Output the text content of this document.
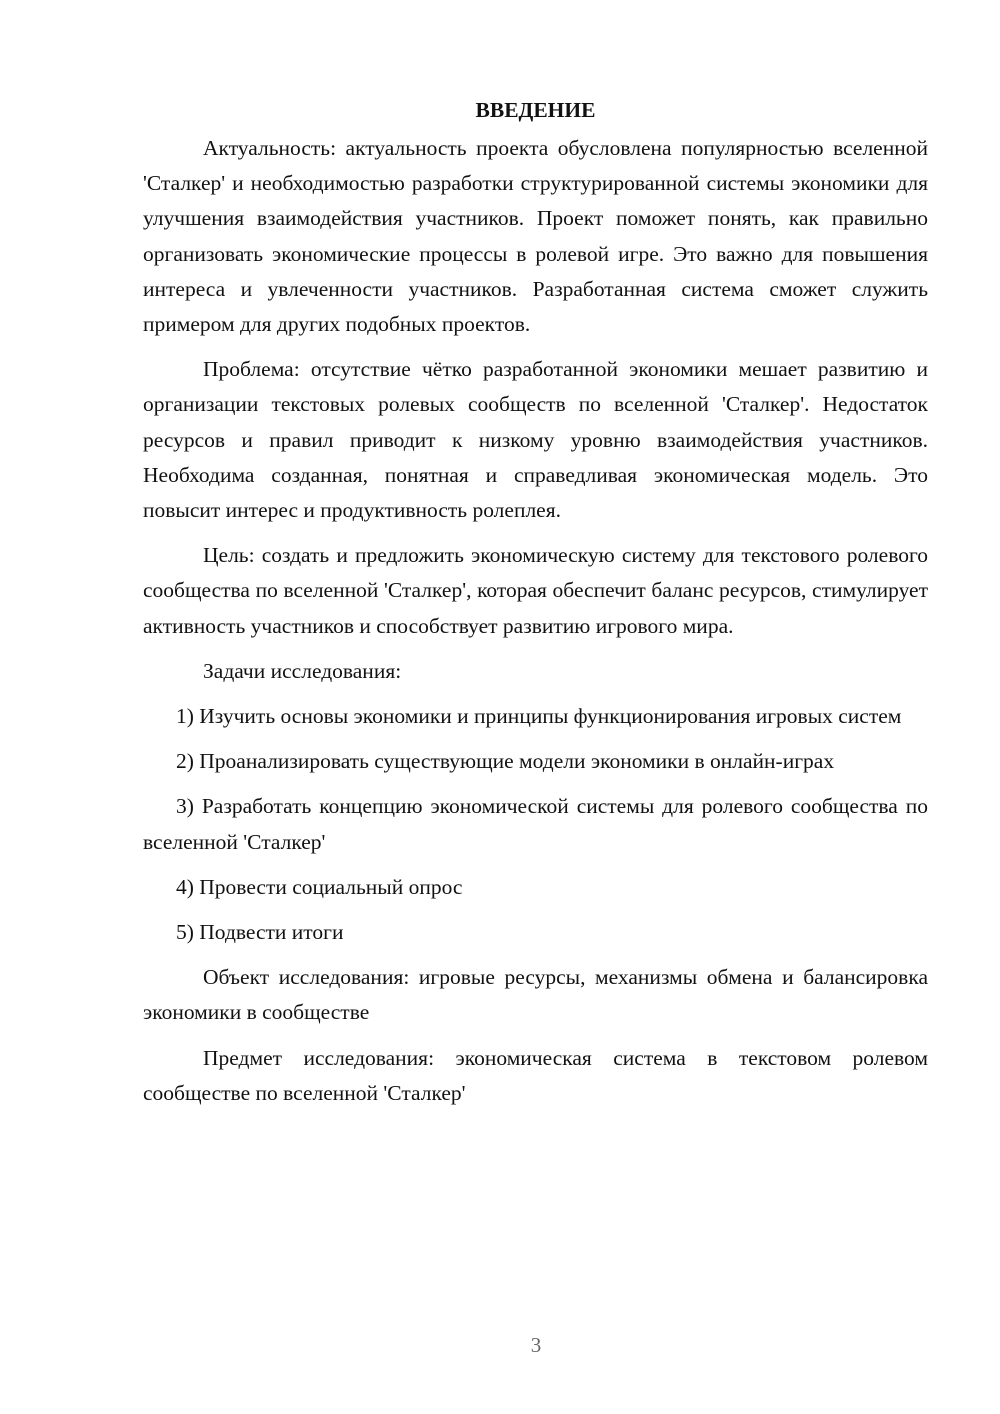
ВВЕДЕНИЕ

Актуальность: актуальность проекта обусловлена популярностью вселенной 'Сталкер' и необходимостью разработки структурированной системы экономики для улучшения взаимодействия участников. Проект поможет понять, как правильно организовать экономические процессы в ролевой игре. Это важно для повышения интереса и увлеченности участников. Разработанная система сможет служить примером для других подобных проектов.

Проблема: отсутствие чётко разработанной экономики мешает развитию и организации текстовых ролевых сообществ по вселенной 'Сталкер'. Недостаток ресурсов и правил приводит к низкому уровню взаимодействия участников. Необходима созданная, понятная и справедливая экономическая модель. Это повысит интерес и продуктивность ролеплея.

Цель: создать и предложить экономическую систему для текстового ролевого сообщества по вселенной 'Сталкер', которая обеспечит баланс ресурсов, стимулирует активность участников и способствует развитию игрового мира.

Задачи исследования:

1) Изучить основы экономики и принципы функционирования игровых систем

2) Проанализировать существующие модели экономики в онлайн-играх

3) Разработать концепцию экономической системы для ролевого сообщества по вселенной 'Сталкер'

4) Провести социальный опрос

5) Подвести итоги

Объект исследования: игровые ресурсы, механизмы обмена и балансировка экономики в сообществе

Предмет исследования: экономическая система в текстовом ролевом сообществе по вселенной 'Сталкер'

3
